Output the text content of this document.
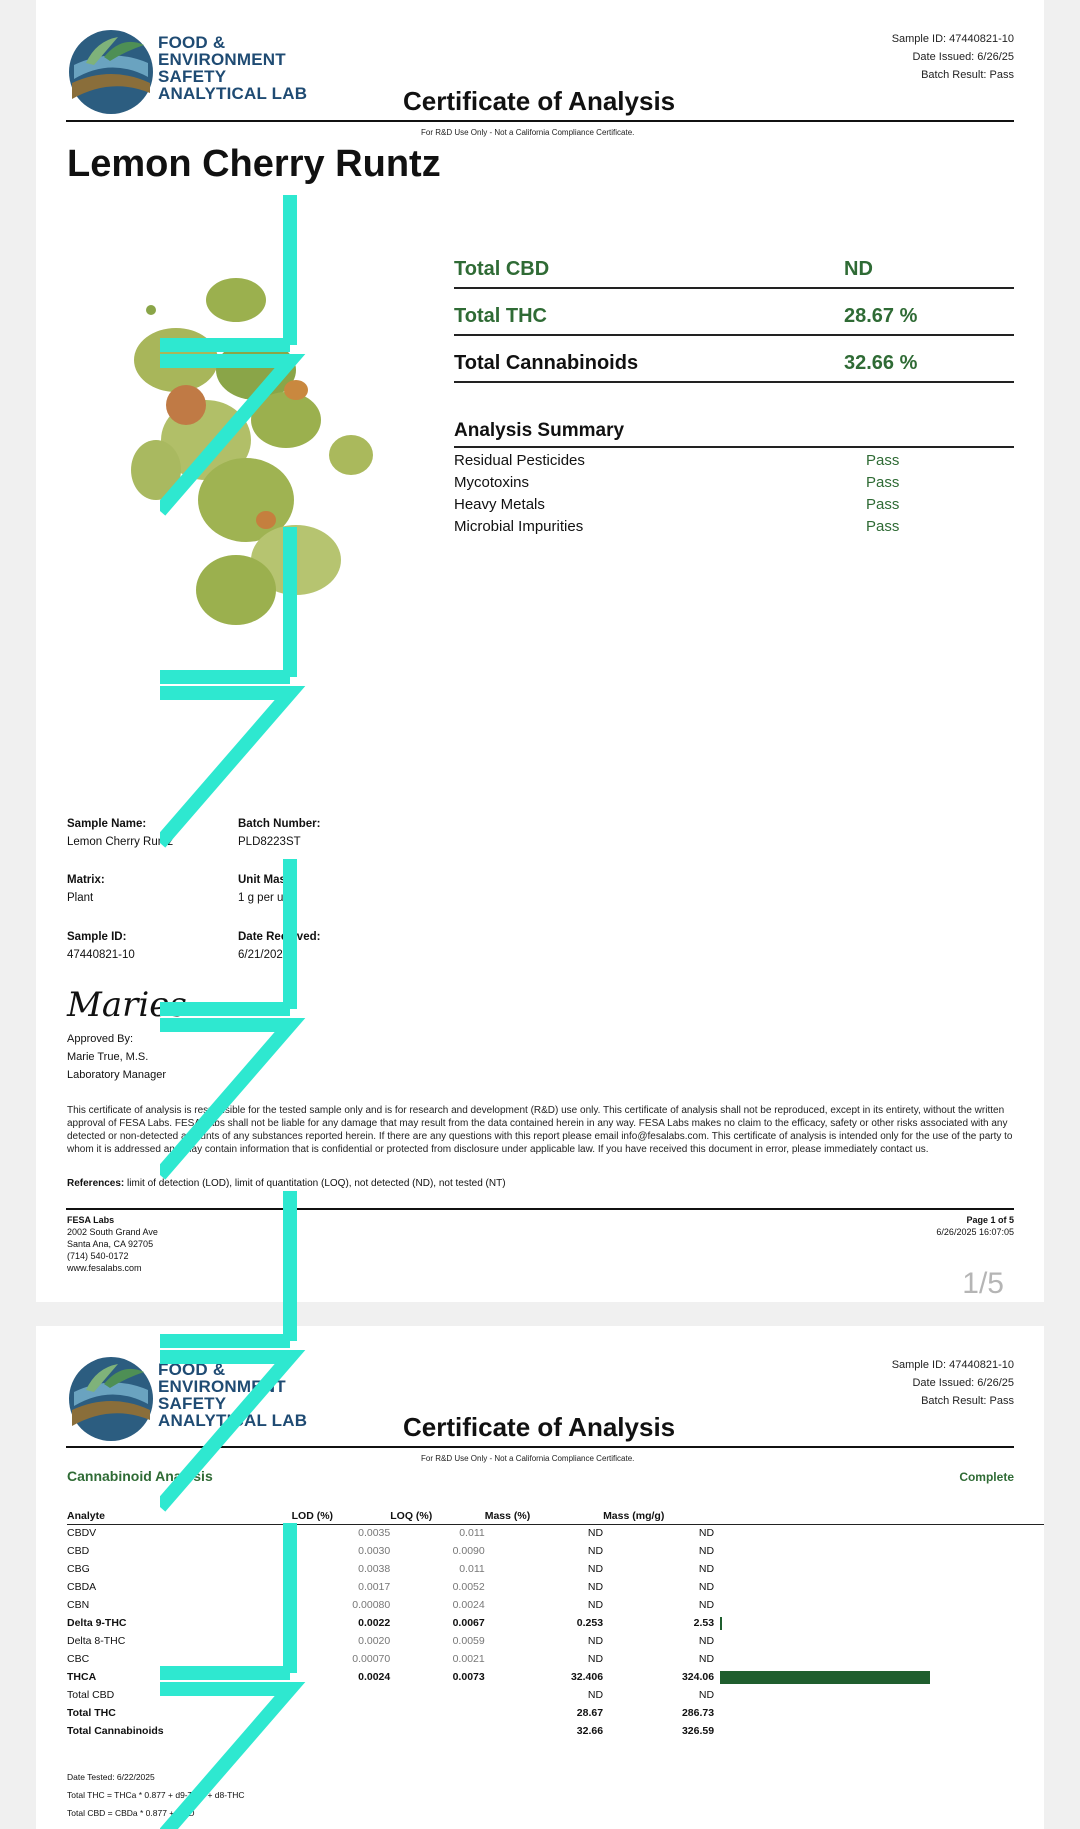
FOOD &
ENVIRONMENT
SAFETY
ANALYTICAL LAB
Sample ID: 47440821-10
Date Issued: 6/26/25
Batch Result: Pass
Certificate of Analysis
For R&D Use Only - Not a California Compliance Certificate.
Lemon Cherry Runtz
Total CBD	ND
Total THC	28.67 %
Total Cannabinoids	32.66 %
Analysis Summary
Residual Pesticides	Pass
Mycotoxins	Pass
Heavy Metals	Pass
Microbial Impurities	Pass
Sample Name:
Lemon Cherry Runtz
Batch Number:
PLD8223ST
Matrix:
Plant
Unit Mass:
1 g per unit
Sample ID:
47440821-10
Date Received:
6/21/2025
Maries
Approved By:
Marie True, M.S.
Laboratory Manager
This certificate of analysis is responsible for the tested sample only and is for research and development (R&D) use only. This certificate of analysis shall not be reproduced, except in its entirety, without the written approval of FESA Labs. FESA Labs shall not be liable for any damage that may result from the data contained herein in any way. FESA Labs makes no claim to the efficacy, safety or other risks associated with any detected or non-detected amounts of any substances reported herein. If there are any questions with this report please email info@fesalabs.com. This certificate of analysis is intended only for the use of the party to whom it is addressed and may contain information that is confidential or protected from disclosure under applicable law. If you have received this document in error, please immediately contact us.
References: limit of detection (LOD), limit of quantitation (LOQ), not detected (ND), not tested (NT)
FESA Labs
2002 South Grand Ave
Santa Ana, CA 92705
(714) 540-0172
www.fesalabs.com
Page 1 of 5
6/26/2025 16:07:05
1/5
FOOD &
ENVIRONMENT
SAFETY
ANALYTICAL LAB
Sample ID: 47440821-10
Date Issued: 6/26/25
Batch Result: Pass
Certificate of Analysis
For R&D Use Only - Not a California Compliance Certificate.
Cannabinoid Analysis	Complete
Analyte	LOD (%)	LOQ (%)	Mass (%)	Mass (mg/g)	
CBDV	0.0035	0.011	ND	ND	
CBD	0.0030	0.0090	ND	ND	
CBG	0.0038	0.011	ND	ND	
CBDA	0.0017	0.0052	ND	ND	
CBN	0.00080	0.0024	ND	ND	
Delta 9-THC	0.0022	0.0067	0.253	2.53	
Delta 8-THC	0.0020	0.0059	ND	ND	
CBC	0.00070	0.0021	ND	ND	
THCA	0.0024	0.0073	32.406	324.06	
Total CBD			ND	ND	
Total THC			28.67	286.73	
Total Cannabinoids			32.66	326.59	
Date Tested: 6/22/2025
Total THC = THCa * 0.877 + d9-THC + d8-THC
Total CBD = CBDa * 0.877 + CBD
